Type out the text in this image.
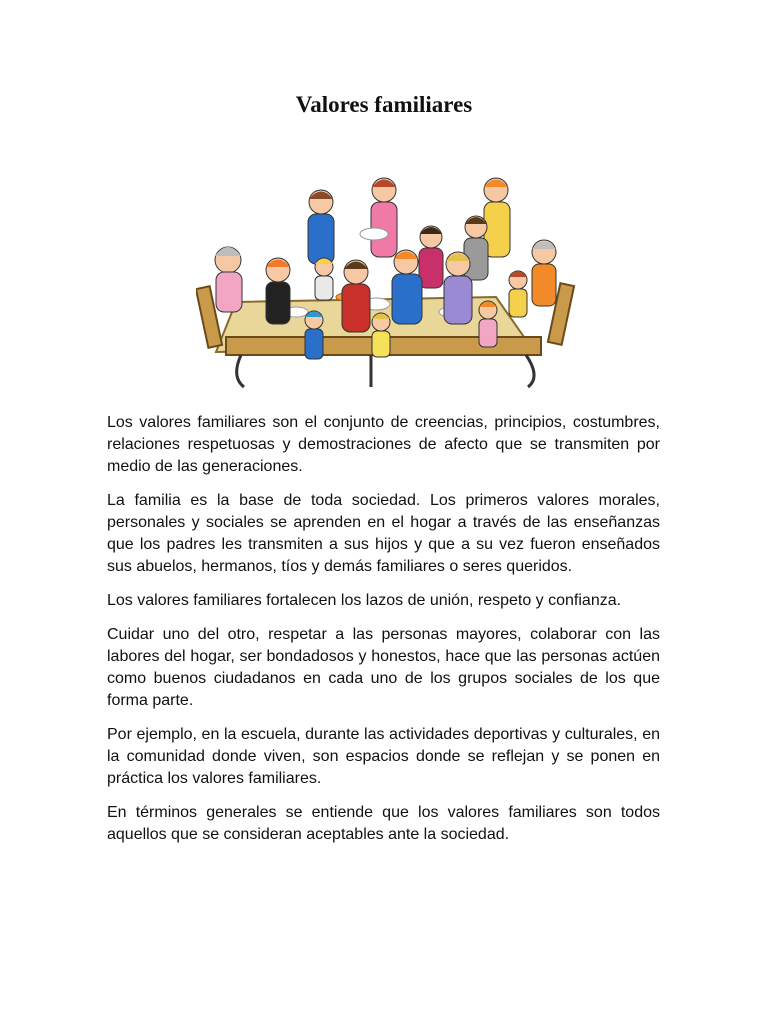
Valores familiares

Los valores familiares son el conjunto de creencias, principios, costumbres, relaciones respetuosas y demostraciones de afecto que se transmiten por medio de las generaciones.

La familia es la base de toda sociedad. Los primeros valores morales, personales y sociales se aprenden en el hogar a través de las enseñanzas que los padres les transmiten a sus hijos y que a su vez fueron enseñados sus abuelos, hermanos, tíos y demás familiares o seres queridos.

Los valores familiares fortalecen los lazos de unión, respeto y confianza.

Cuidar uno del otro, respetar a las personas mayores, colaborar con las labores del hogar, ser bondadosos y honestos, hace que las personas actúen como buenos ciudadanos en cada uno de los grupos sociales de los que forma parte.

Por ejemplo, en la escuela, durante las actividades deportivas y culturales, en la comunidad donde viven, son espacios donde se reflejan y se ponen en práctica los valores familiares.

En términos generales se entiende que los valores familiares son todos aquellos que se consideran aceptables ante la sociedad.
